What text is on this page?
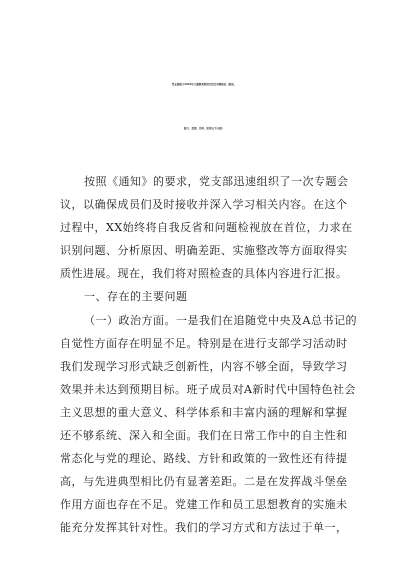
党支部班子2023年主题教育组织生活会对照检查（政治、
能力、思想、作风、纪律五个方面）
按照《通知》的要求，党支部迅速组织了一次专题会
议，以确保成员们及时接收并深入学习相关内容。在这个
过程中，XX始终将自我反省和问题检视放在首位，力求在
识别问题、分析原因、明确差距、实施整改等方面取得实
质性进展。现在，我们将对照检查的具体内容进行汇报。
一、存在的主要问题
（一）政治方面。一是我们在追随党中央及A总书记的
自觉性方面存在明显不足。特别是在进行支部学习活动时
我们发现学习形式缺乏创新性，内容不够全面，导致学习
效果并未达到预期目标。班子成员对A新时代中国特色社会
主义思想的重大意义、科学体系和丰富内涵的理解和掌握
还不够系统、深入和全面。我们在日常工作中的自主性和
常态化与党的理论、路线、方针和政策的一致性还有待提
高，与先进典型相比仍有显著差距。二是在发挥战斗堡垒
作用方面也存在不足。党建工作和员工思想教育的实施未
能充分发挥其针对性。我们的学习方式和方法过于单一，
